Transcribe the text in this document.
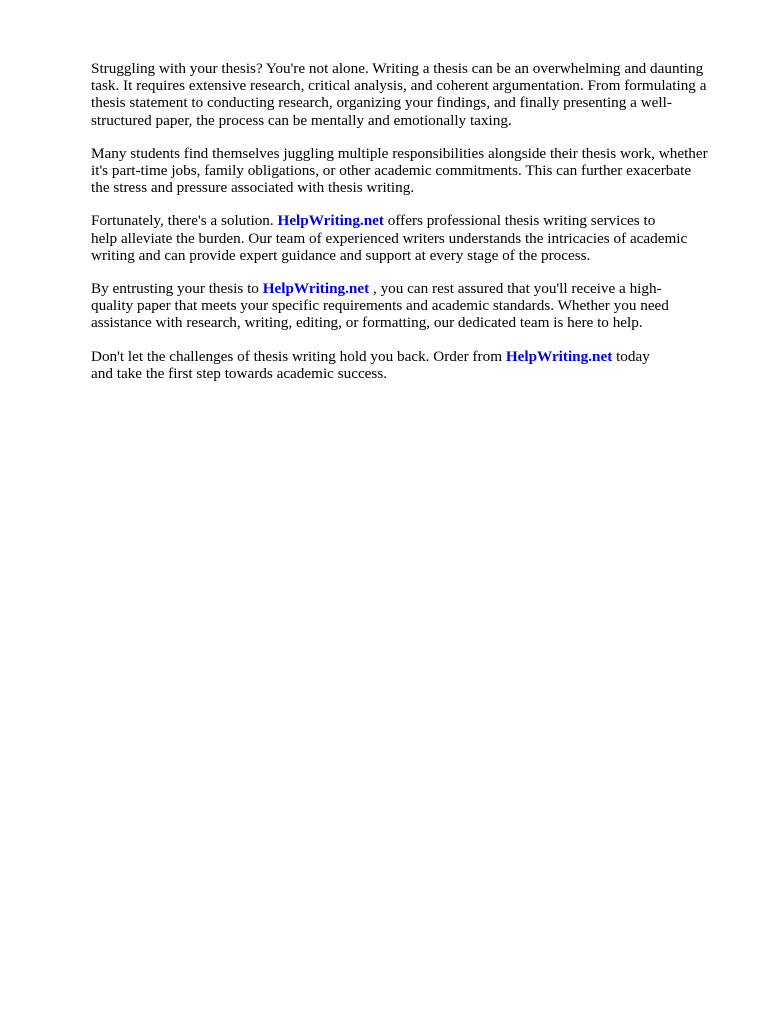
Struggling with your thesis? You're not alone. Writing a thesis can be an overwhelming and daunting
task. It requires extensive research, critical analysis, and coherent argumentation. From formulating a
thesis statement to conducting research, organizing your findings, and finally presenting a well-
structured paper, the process can be mentally and emotionally taxing.

Many students find themselves juggling multiple responsibilities alongside their thesis work, whether
it's part-time jobs, family obligations, or other academic commitments. This can further exacerbate
the stress and pressure associated with thesis writing.

Fortunately, there's a solution. HelpWriting.net offers professional thesis writing services to
help alleviate the burden. Our team of experienced writers understands the intricacies of academic
writing and can provide expert guidance and support at every stage of the process.

By entrusting your thesis to HelpWriting.net , you can rest assured that you'll receive a high-
quality paper that meets your specific requirements and academic standards. Whether you need
assistance with research, writing, editing, or formatting, our dedicated team is here to help.

Don't let the challenges of thesis writing hold you back. Order from HelpWriting.net today
and take the first step towards academic success.
